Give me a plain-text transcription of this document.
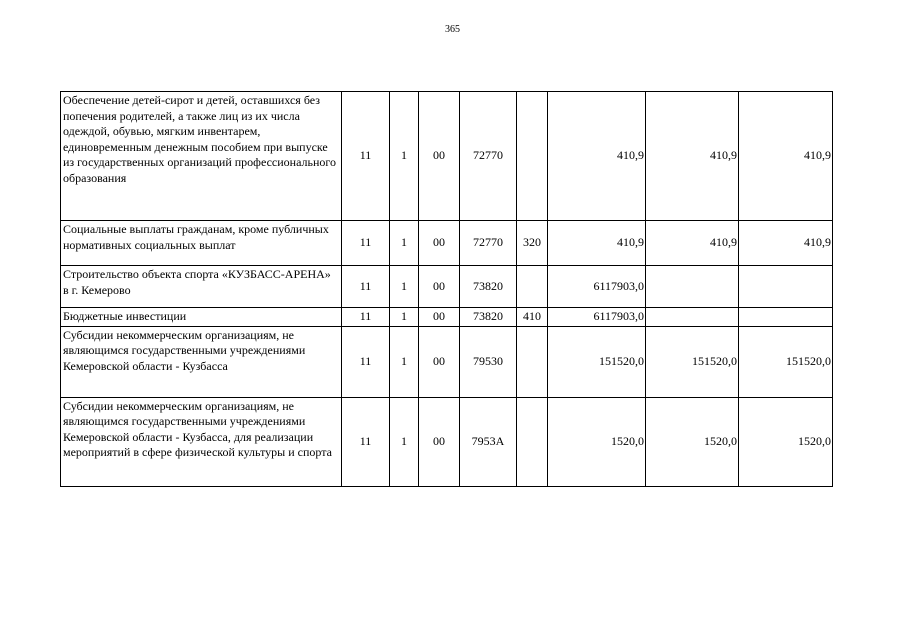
365
Обеспечение детей-сирот и детей, оставшихся без попечения родителей, а также лиц из их числа одеждой, обувью, мягким инвентарем, единовременным денежным пособием при выпуске из государственных организаций профессионального образования	11	1	00	72770		410,9	410,9	410,9
Социальные выплаты гражданам, кроме публичных нормативных социальных выплат	11	1	00	72770	320	410,9	410,9	410,9
Строительство объекта спорта «КУЗБАСС-АРЕНА» в г. Кемерово	11	1	00	73820		6117903,0		
Бюджетные инвестиции	11	1	00	73820	410	6117903,0		
Субсидии некоммерческим организациям, не являющимся государственными учреждениями Кемеровской области - Кузбасса	11	1	00	79530		151520,0	151520,0	151520,0
Субсидии некоммерческим организациям, не являющимся государственными учреждениями Кемеровской области - Кузбасса, для реализации мероприятий в сфере физической культуры и спорта	11	1	00	7953А		1520,0	1520,0	1520,0
